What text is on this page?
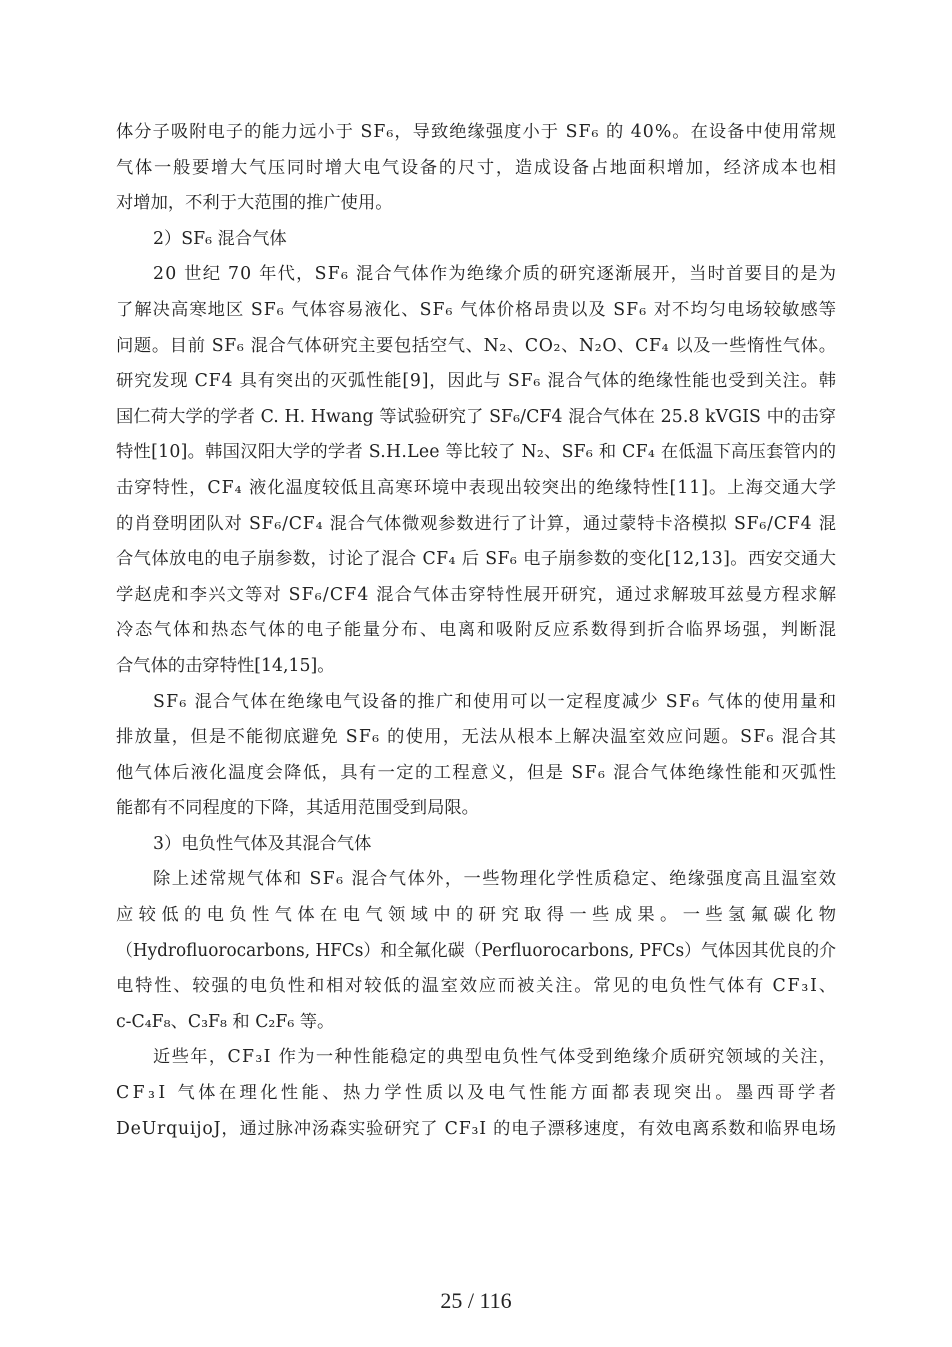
体分子吸附电子的能力远小于 SF₆，导致绝缘强度小于 SF₆ 的 40%。在设备中使用常规
气体一般要增大气压同时增大电气设备的尺寸，造成设备占地面积增加，经济成本也相
对增加，不利于大范围的推广使用。
2）SF₆ 混合气体
20 世纪 70 年代，SF₆ 混合气体作为绝缘介质的研究逐渐展开，当时首要目的是为
了解决高寒地区 SF₆ 气体容易液化、SF₆ 气体价格昂贵以及 SF₆ 对不均匀电场较敏感等
问题。目前 SF₆ 混合气体研究主要包括空气、N₂、CO₂、N₂O、CF₄ 以及一些惰性气体。
研究发现 CF4 具有突出的灭弧性能[9]，因此与 SF₆ 混合气体的绝缘性能也受到关注。韩
国仁荷大学的学者 C. H. Hwang 等试验研究了 SF₆/CF4 混合气体在 25.8 kVGIS 中的击穿
特性[10]。韩国汉阳大学的学者 S.H.Lee 等比较了 N₂、SF₆ 和 CF₄ 在低温下高压套管内的
击穿特性，CF₄ 液化温度较低且高寒环境中表现出较突出的绝缘特性[11]。上海交通大学
的肖登明团队对 SF₆/CF₄ 混合气体微观参数进行了计算，通过蒙特卡洛模拟 SF₆/CF4 混
合气体放电的电子崩参数，讨论了混合 CF₄ 后 SF₆ 电子崩参数的变化[12,13]。西安交通大
学赵虎和李兴文等对 SF₆/CF4 混合气体击穿特性展开研究，通过求解玻耳兹曼方程求解
冷态气体和热态气体的电子能量分布、电离和吸附反应系数得到折合临界场强，判断混
合气体的击穿特性[14,15]。
SF₆ 混合气体在绝缘电气设备的推广和使用可以一定程度减少 SF₆ 气体的使用量和
排放量，但是不能彻底避免 SF₆ 的使用，无法从根本上解决温室效应问题。SF₆ 混合其
他气体后液化温度会降低，具有一定的工程意义，但是 SF₆ 混合气体绝缘性能和灭弧性
能都有不同程度的下降，其适用范围受到局限。
3）电负性气体及其混合气体
除上述常规气体和 SF₆ 混合气体外，一些物理化学性质稳定、绝缘强度高且温室效
应较低的电负性气体在电气领域中的研究取得一些成果。一些氢氟碳化物
（Hydrofluorocarbons, HFCs）和全氟化碳（Perfluorocarbons, PFCs）气体因其优良的介
电特性、较强的电负性和相对较低的温室效应而被关注。常见的电负性气体有 CF₃I、
c-C₄F₈、C₃F₈ 和 C₂F₆ 等。
近些年，CF₃I 作为一种性能稳定的典型电负性气体受到绝缘介质研究领域的关注，
CF₃I 气体在理化性能、热力学性质以及电气性能方面都表现突出。墨西哥学者
DeUrquijoJ，通过脉冲汤森实验研究了 CF₃I 的电子漂移速度，有效电离系数和临界电场
25 / 116
